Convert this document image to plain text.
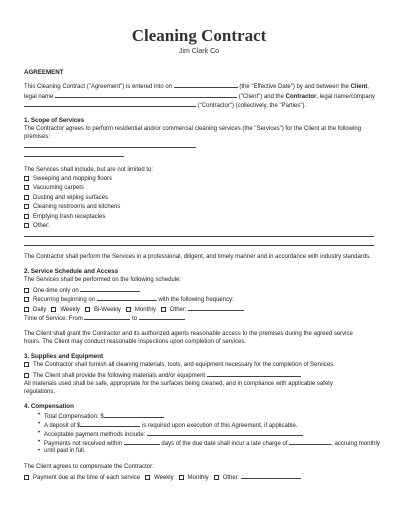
Cleaning Contract
Jim Clark Co

AGREEMENT

This Cleaning Contract ("Agreement") is entered into on	(the "Effective Date") by and between the Client,
legal name	("Client") and the Contractor, legal name/company
("Contractor") (collectively, the "Parties").

1. Scope of Services

The Contractor agrees to perform residential and/or commercial cleaning services (the "Services") for the Client at the following premises:

The Services shall include, but are not limited to:

Sweeping and mopping floors
Vacuuming carpets
Dusting and wiping surfaces
Cleaning restrooms and kitchens
Emptying trash receptacles
Other:

The Contractor shall perform the Services in a professional, diligent, and timely manner and in accordance with industry standards.

2. Service Schedule and Access

The Services shall be performed on the following schedule:

One-time only on
Recurring beginning on	with the following frequency:
Daily Weekly Bi-Weekly Monthly Other:
Time of Service: From	to

The Client shall grant the Contractor and its authorized agents reasonable access to the premises during the agreed service

hours. The Client may conduct reasonable inspections upon completion of services.

3. Supplies and Equipment

The Contractor shall furnish all cleaning materials, tools, and equipment necessary for the completion of Services.
The Client shall provide the following materials and/or equipment

All materials used shall be safe, appropriate for the surfaces being cleaned, and in compliance with applicable safety

regulations.

4. Compensation

• Total Compensation: $
• A deposit of $	is required upon execution of this Agreement, if applicable.
• Acceptable payment methods include:
• Payments not received within	days of the due date shall incur a late charge of	, accruing monthly
• until paid in full.

The Client agrees to compensate the Contractor:

Payment due at the time of each service Weekly Monthly Other:
